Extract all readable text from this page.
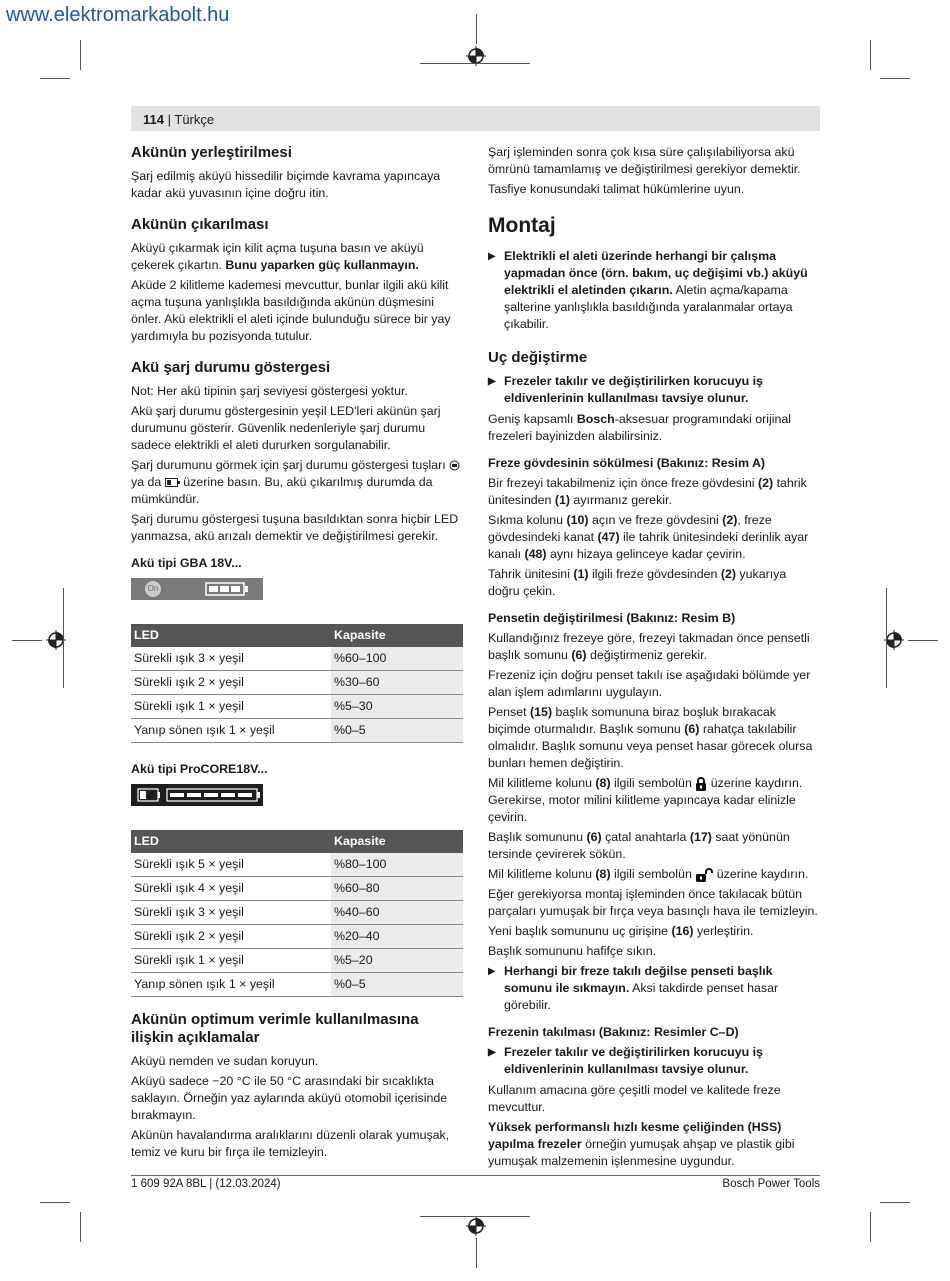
www.elektromarkabolt.hu
114 | Türkçe
Akünün yerleştirilmesi

Şarj edilmiş aküyü hissedilir biçimde kavrama yapıncaya kadar akü yuvasının içine doğru itin.

Akünün çıkarılması

Aküyü çıkarmak için kilit açma tuşuna basın ve aküyü çekerek çıkartın. Bunu yaparken güç kullanmayın.

Aküde 2 kilitleme kademesi mevcuttur, bunlar ilgili akü kilit açma tuşuna yanlışlıkla basıldığında akünün düşmesini önler. Akü elektrikli el aleti içinde bulunduğu sürece bir yay yardımıyla bu pozisyonda tutulur.

Akü şarj durumu göstergesi

Not: Her akü tipinin şarj seviyesi göstergesi yoktur.

Akü şarj durumu göstergesinin yeşil LED'leri akünün şarj durumunu gösterir. Güvenlik nedenleriyle şarj durumu sadece elektrikli el aleti dururken sorgulanabilir.

Şarj durumunu görmek için şarj durumu göstergesi tuşları  ya da üzerine basın. Bu, akü çıkarılmış durumda da mümkündür.

Şarj durumu göstergesi tuşuna basıldıktan sonra hiçbir LED yanmazsa, akü arızalı demektir ve değiştirilmesi gerekir.

Akü tipi GBA 18V...
On
LED	Kapasite
Sürekli ışık 3 × yeşil	%60–100
Sürekli ışık 2 × yeşil	%30–60
Sürekli ışık 1 × yeşil	%5–30
Yanıp sönen ışık 1 × yeşil	%0–5
Akü tipi ProCORE18V...
LED	Kapasite
Sürekli ışık 5 × yeşil	%80–100
Sürekli ışık 4 × yeşil	%60–80
Sürekli ışık 3 × yeşil	%40–60
Sürekli ışık 2 × yeşil	%20–40
Sürekli ışık 1 × yeşil	%5–20
Yanıp sönen ışık 1 × yeşil	%0–5
Akünün optimum verimle kullanılmasına ilişkin açıklamalar

Aküyü nemden ve sudan koruyun.

Aküyü sadece −20 °C ile 50 °C arasındaki bir sıcaklıkta saklayın. Örneğin yaz aylarında aküyü otomobil içerisinde bırakmayın.

Akünün havalandırma aralıklarını düzenli olarak yumuşak, temiz ve kuru bir fırça ile temizleyin.

Şarj işleminden sonra çok kısa süre çalışılabiliyorsa akü ömrünü tamamlamış ve değiştirilmesi gerekiyor demektir.

Tasfiye konusundaki talimat hükümlerine uyun.

Montaj

▶ Elektrikli el aleti üzerinde herhangi bir çalışma yapmadan önce (örn. bakım, uç değişimi vb.) aküyü elektrikli el aletinden çıkarın. Aletin açma/kapama şalterine yanlışlıkla basıldığında yaralanmalar ortaya çıkabilir.

Uç değiştirme

▶ Frezeler takılır ve değiştirilirken korucuyu iş eldivenlerinin kullanılması tavsiye olunur.

Geniş kapsamlı Bosch-aksesuar programındaki orijinal frezeleri bayinizden alabilirsiniz.

Freze gövdesinin sökülmesi (Bakınız: Resim A)

Bir frezeyi takabilmeniz için önce freze gövdesini (2) tahrik ünitesinden (1) ayırmanız gerekir.

Sıkma kolunu (10) açın ve freze gövdesini (2), freze gövdesindeki kanat (47) ile tahrik ünitesindeki derinlik ayar kanalı (48) aynı hizaya gelinceye kadar çevirin.

Tahrik ünitesini (1) ilgili freze gövdesinden (2) yukarıya doğru çekin.

Pensetin değiştirilmesi (Bakınız: Resim B)

Kullandığınız frezeye göre, frezeyi takmadan önce pensetli başlık somunu (6) değiştirmeniz gerekir.

Frezeniz için doğru penset takılı ise aşağıdaki bölümde yer alan işlem adımlarını uygulayın.

Penset (15) başlık somununa biraz boşluk bırakacak biçimde oturmalıdır. Başlık somunu (6) rahatça takılabilir olmalıdır. Başlık somunu veya penset hasar görecek olursa bunları hemen değiştirin.

Mil kilitleme kolunu (8) ilgili sembolün  üzerine kaydırın. Gerekirse, motor milini kilitleme yapıncaya kadar elinizle çevirin.

Başlık somununu (6) çatal anahtarla (17) saat yönünün tersinde çevirerek sökün.

Mil kilitleme kolunu (8) ilgili sembolün  üzerine kaydırın.

Eğer gerekiyorsa montaj işleminden önce takılacak bütün parçaları yumuşak bir fırça veya basınçlı hava ile temizleyin.

Yeni başlık somununu uç girişine (16) yerleştirin.

Başlık somununu hafifçe sıkın.

▶ Herhangi bir freze takılı değilse penseti başlık somunu ile sıkmayın. Aksi takdirde penset hasar görebilir.

Frezenin takılması (Bakınız: Resimler C–D)

▶ Frezeler takılır ve değiştirilirken korucuyu iş eldivenlerinin kullanılması tavsiye olunur.

Kullanım amacına göre çeşitli model ve kalitede freze mevcuttur.

Yüksek performanslı hızlı kesme çeliğinden (HSS) yapılma frezeler örneğin yumuşak ahşap ve plastik gibi yumuşak malzemenin işlenmesine uygundur.

1 609 92A 8BL | (12.03.2024)	Bosch Power Tools
